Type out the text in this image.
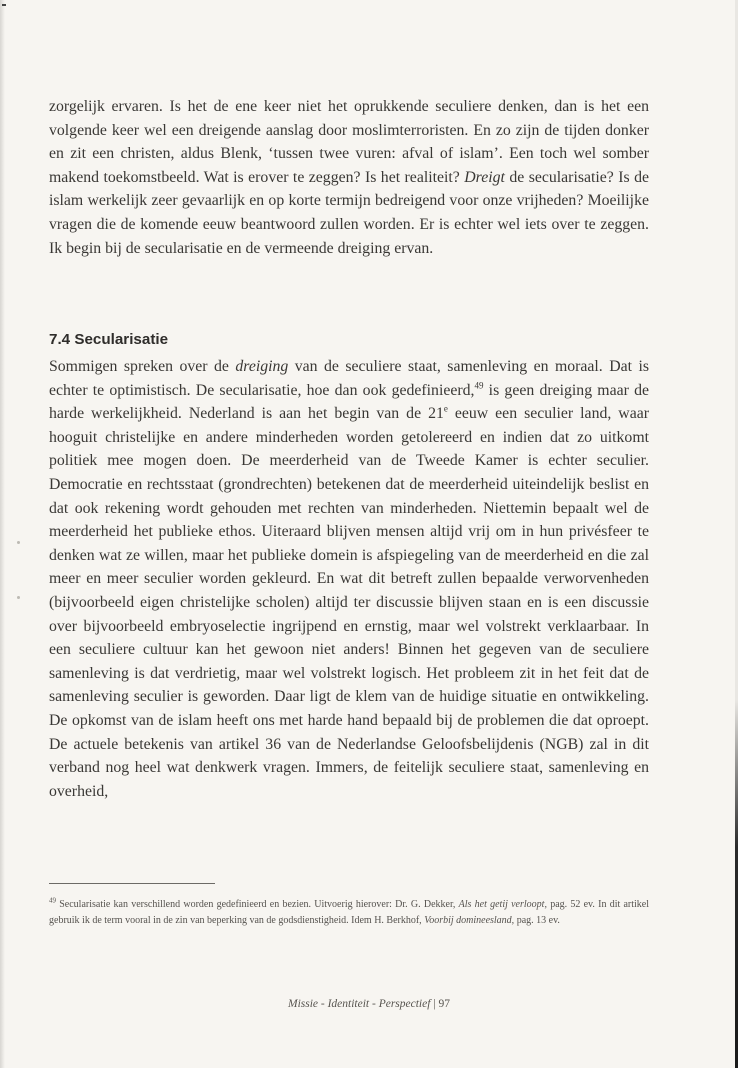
zorgelijk ervaren. Is het de ene keer niet het oprukkende seculiere denken, dan is het een volgende keer wel een dreigende aanslag door moslimterroristen. En zo zijn de tijden donker en zit een christen, aldus Blenk, ‘tussen twee vuren: afval of islam’. Een toch wel somber makend toekomstbeeld. Wat is erover te zeggen? Is het realiteit? Dreigt de secularisatie? Is de islam werkelijk zeer gevaarlijk en op korte termijn bedreigend voor onze vrijheden? Moeilijke vragen die de komende eeuw beantwoord zullen worden. Er is echter wel iets over te zeggen. Ik begin bij de secularisatie en de vermeende dreiging ervan.

7.4 Secularisatie

Sommigen spreken over de dreiging van de seculiere staat, samenleving en moraal. Dat is echter te optimistisch. De secularisatie, hoe dan ook gedefinieerd,$^{49}$ is geen dreiging maar de harde werkelijkheid. Nederland is aan het begin van de 21e eeuw een seculier land, waar hooguit christelijke en andere minderheden worden getolereerd en indien dat zo uitkomt politiek mee mogen doen. De meerderheid van de Tweede Kamer is echter seculier. Democratie en rechtsstaat (grondrechten) betekenen dat de meerderheid uiteindelijk beslist en dat ook rekening wordt gehouden met rechten van minderheden. Niettemin bepaalt wel de meerderheid het publieke ethos. Uiteraard blijven mensen altijd vrij om in hun privésfeer te denken wat ze willen, maar het publieke domein is afspiegeling van de meerderheid en die zal meer en meer seculier worden gekleurd. En wat dit betreft zullen bepaalde verworvenheden (bijvoorbeeld eigen christelijke scholen) altijd ter discussie blijven staan en is een discussie over bijvoorbeeld embryoselectie ingrijpend en ernstig, maar wel volstrekt verklaarbaar. In een seculiere cultuur kan het gewoon niet anders! Binnen het gegeven van de seculiere samenleving is dat verdrietig, maar wel volstrekt logisch. Het probleem zit in het feit dat de samenleving seculier is geworden. Daar ligt de klem van de huidige situatie en ontwikkeling. De opkomst van de islam heeft ons met harde hand bepaald bij de problemen die dat oproept. De actuele betekenis van artikel 36 van de Nederlandse Geloofsbelijdenis (NGB) zal in dit verband nog heel wat denkwerk vragen. Immers, de feitelijk seculiere staat, samenleving en overheid,

$^{49}$ Secularisatie kan verschillend worden gedefinieerd en bezien. Uitvoerig hierover: Dr. G. Dekker, Als het getij verloopt, pag. 52 ev. In dit artikel gebruik ik de term vooral in de zin van beperking van de godsdienstigheid. Idem H. Berkhof, Voorbij domineesland, pag. 13 ev.
Missie - Identiteit - Perspectief | 97
